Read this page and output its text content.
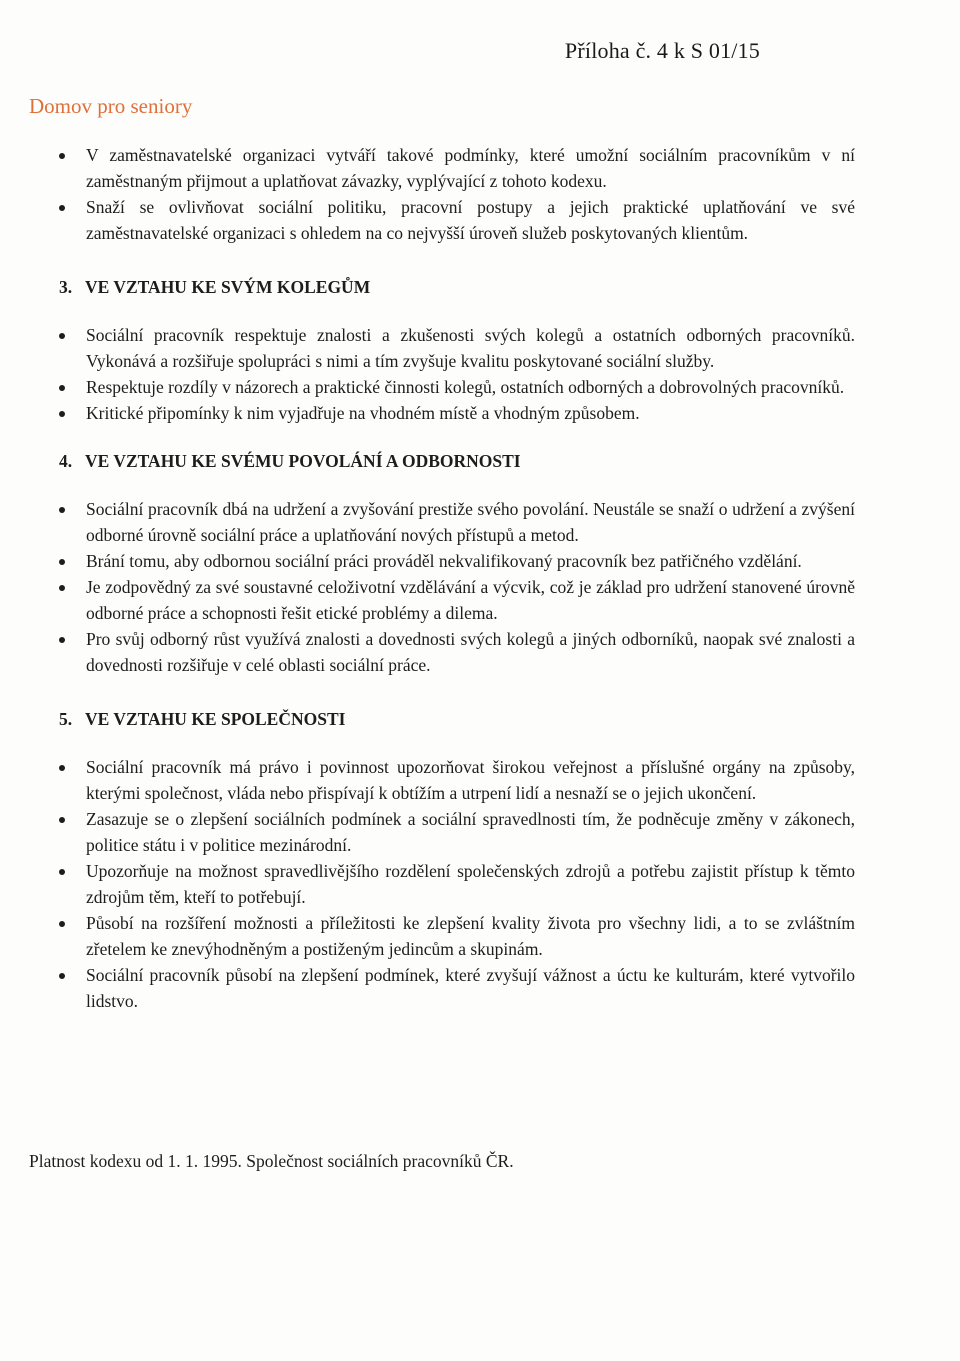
Příloha č. 4 k S 01/15
Domov pro seniory
V zaměstnavatelské organizaci vytváří takové podmínky, které umožní sociálním pracovníkům v ní zaměstnaným přijmout a uplatňovat závazky, vyplývající z tohoto kodexu.
Snaží se ovlivňovat sociální politiku, pracovní postupy a jejich praktické uplatňování ve své zaměstnavatelské organizaci s ohledem na co nejvyšší úroveň služeb poskytovaných klientům.
3. VE VZTAHU KE SVÝM KOLEGŮM
Sociální pracovník respektuje znalosti a zkušenosti svých kolegů a ostatních odborných pracovníků. Vykonává a rozšiřuje spolupráci s nimi a tím zvyšuje kvalitu poskytované sociální služby.
Respektuje rozdíly v názorech a praktické činnosti kolegů, ostatních odborných a dobrovolných pracovníků.
Kritické připomínky k nim vyjadřuje na vhodném místě a vhodným způsobem.
4. VE VZTAHU KE SVÉMU POVOLÁNÍ A ODBORNOSTI
Sociální pracovník dbá na udržení a zvyšování prestiže svého povolání. Neustále se snaží o udržení a zvýšení odborné úrovně sociální práce a uplatňování nových přístupů a metod.
Brání tomu, aby odbornou sociální práci prováděl nekvalifikovaný pracovník bez patřičného vzdělání.
Je zodpovědný za své soustavné celoživotní vzdělávání a výcvik, což je základ pro udržení stanovené úrovně odborné práce a schopnosti řešit etické problémy a dilema.
Pro svůj odborný růst využívá znalosti a dovednosti svých kolegů a jiných odborníků, naopak své znalosti a dovednosti rozšiřuje v celé oblasti sociální práce.
5. VE VZTAHU KE SPOLEČNOSTI
Sociální pracovník má právo i povinnost upozorňovat širokou veřejnost a příslušné orgány na způsoby, kterými společnost, vláda nebo přispívají k obtížím a utrpení lidí a nesnaží se o jejich ukončení.
Zasazuje se o zlepšení sociálních podmínek a sociální spravedlnosti tím, že podněcuje změny v zákonech, politice státu i v politice mezinárodní.
Upozorňuje na možnost spravedlivějšího rozdělení společenských zdrojů a potřebu zajistit přístup k těmto zdrojům těm, kteří to potřebují.
Působí na rozšíření možnosti a příležitosti ke zlepšení kvality života pro všechny lidi, a to se zvláštním zřetelem ke znevýhodněným a postiženým jedincům a skupinám.
Sociální pracovník působí na zlepšení podmínek, které zvyšují vážnost a úctu ke kulturám, které vytvořilo lidstvo.
Platnost kodexu od 1. 1. 1995. Společnost sociálních pracovníků ČR.
